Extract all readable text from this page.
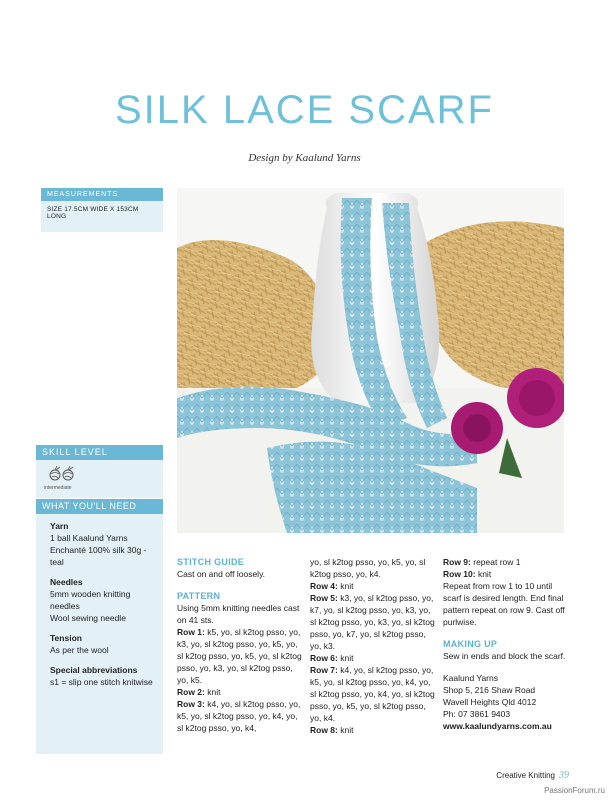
SILK LACE SCARF
Design by Kaalund Yarns
MEASUREMENTS
SIZE 17.5CM WIDE X 153CM LONG
SKILL LEVEL
intermediate
WHAT YOU'LL NEED
Yarn
1 ball Kaalund Yarns Enchanté 100% silk 30g - teal
Needles
5mm wooden knitting needles
Wool sewing needle
Tension
As per the wool
Special abbreviations
s1 = slip one stitch knitwise
STITCH GUIDE
Cast on and off loosely.
PATTERN
Using 5mm knitting needles cast on 41 sts.
Row 1: k5, yo, sl k2tog psso, yo, k3, yo, sl k2tog psso, yo, k5, yo, sl k2tog psso, yo, k5, yo, sl k2tog psso, yo, k3, yo, sl k2tog psso, yo, k5.
Row 2: knit
Row 3: k4, yo, sl k2tog psso, yo, k5, yo, sl k2tog psso, yo, k4, yo, sl k2tog psso, yo, k4,
yo, sl k2tog psso, yo, k5, yo, sl k2tog psso, yo, k4.
Row 4: knit
Row 5: k3, yo, sl k2tog psso, yo, k7, yo, sl k2tog psso, yo, k3, yo, sl k2tog psso, yo, k3, yo, sl k2tog psso, yo, k7, yo, sl k2tog psso, yo, k3.
Row 6: knit
Row 7: k4, yo, sl k2tog psso, yo, k5, yo, sl k2tog psso, yo, k4, yo, sl k2tog psso, yo, k4, yo, sl k2tog psso, yo, k5, yo, sl k2tog psso, yo, k4.
Row 8: knit
Row 9: repeat row 1
Row 10: knit
Repeat from row 1 to 10 until scarf is desired length. End final pattern repeat on row 9. Cast off purlwise.
MAKING UP
Sew in ends and block the scarf.
Kaalund Yarns
Shop 5, 216 Shaw Road
Wavell Heights Qld 4012
Ph: 07 3861 9403
www.kaalundyarns.com.au
Creative Knitting 39
PassionForum.ru
